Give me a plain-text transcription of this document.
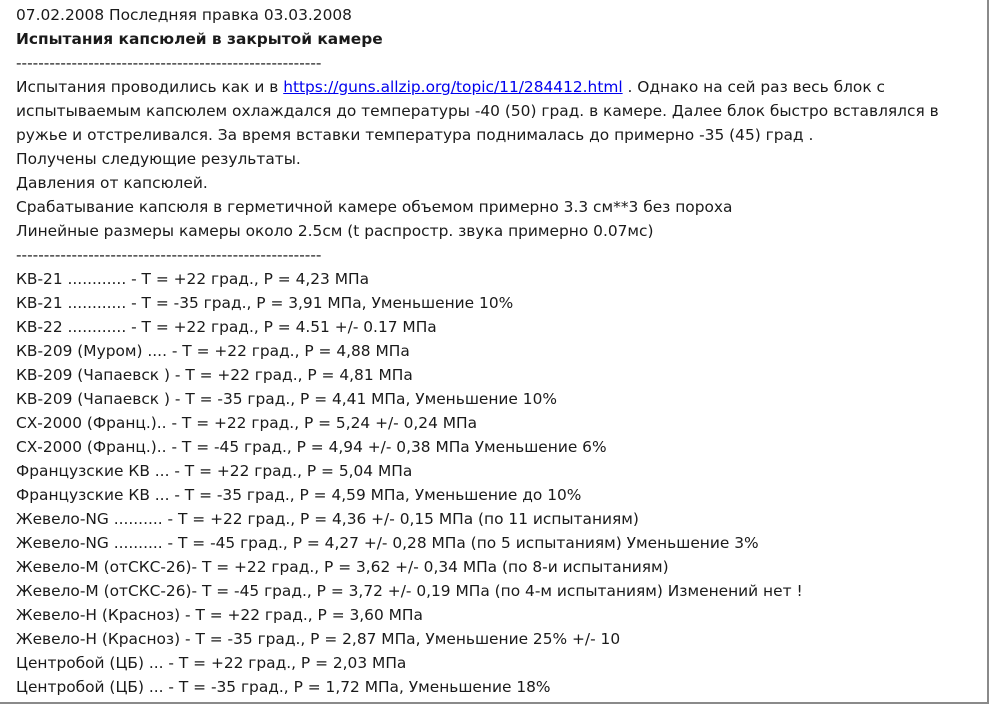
07.02.2008 Последняя правка 03.03.2008
Испытания капсюлей в закрытой камере
-------------------------------------------------------
Испытания проводились как и в https://guns.allzip.org/topic/11/284412.html . Однако на сей раз весь блок с
испытываемым капсюлем охлаждался до температуры -40 (50) град. в камере. Далее блок быстро вставлялся в
ружье и отстреливался. За время вставки температура поднималась до примерно -35 (45) град .
Получены следующие результаты.
Давления от капсюлей.
Срабатывание капсюля в герметичной камере объемом примерно 3.3 см**3 без пороха
Линейные размеры камеры около 2.5см (t распростр. звука примерно 0.07мс)
-------------------------------------------------------
КВ-21 ............ - Т = +22 град., Р = 4,23 МПа
КВ-21 ............ - Т = -35 град., Р = 3,91 МПа, Уменьшение 10%
КВ-22 ............ - Т = +22 град., Р = 4.51 +/- 0.17 МПа
КВ-209 (Муром) .... - Т = +22 град., Р = 4,88 МПа
КВ-209 (Чапаевск ) - Т = +22 град., Р = 4,81 МПа
КВ-209 (Чапаевск ) - Т = -35 град., Р = 4,41 МПа, Уменьшение 10%
СХ-2000 (Франц.).. - Т = +22 град., Р = 5,24 +/- 0,24 МПа
СХ-2000 (Франц.).. - Т = -45 град., Р = 4,94 +/- 0,38 МПа Уменьшение 6%
Французские КВ ... - Т = +22 град., Р = 5,04 МПа
Французские КВ ... - Т = -35 град., Р = 4,59 МПа, Уменьшение до 10%
Жевело-NG .......... - Т = +22 град., Р = 4,36 +/- 0,15 МПа (по 11 испытаниям)
Жевело-NG .......... - Т = -45 град., Р = 4,27 +/- 0,28 МПа (по 5 испытаниям) Уменьшение 3%
Жевело-М (отСКС-26)- Т = +22 град., Р = 3,62 +/- 0,34 МПа (по 8-и испытаниям)
Жевело-М (отСКС-26)- Т = -45 град., Р = 3,72 +/- 0,19 МПа (по 4-м испытаниям) Изменений нет !
Жевело-Н (Красноз) - Т = +22 град., Р = 3,60 МПа
Жевело-Н (Красноз) - Т = -35 град., Р = 2,87 МПа, Уменьшение 25% +/- 10
Центробой (ЦБ) ... - Т = +22 град., Р = 2,03 МПа
Центробой (ЦБ) ... - Т = -35 град., Р = 1,72 МПа, Уменьшение 18%
